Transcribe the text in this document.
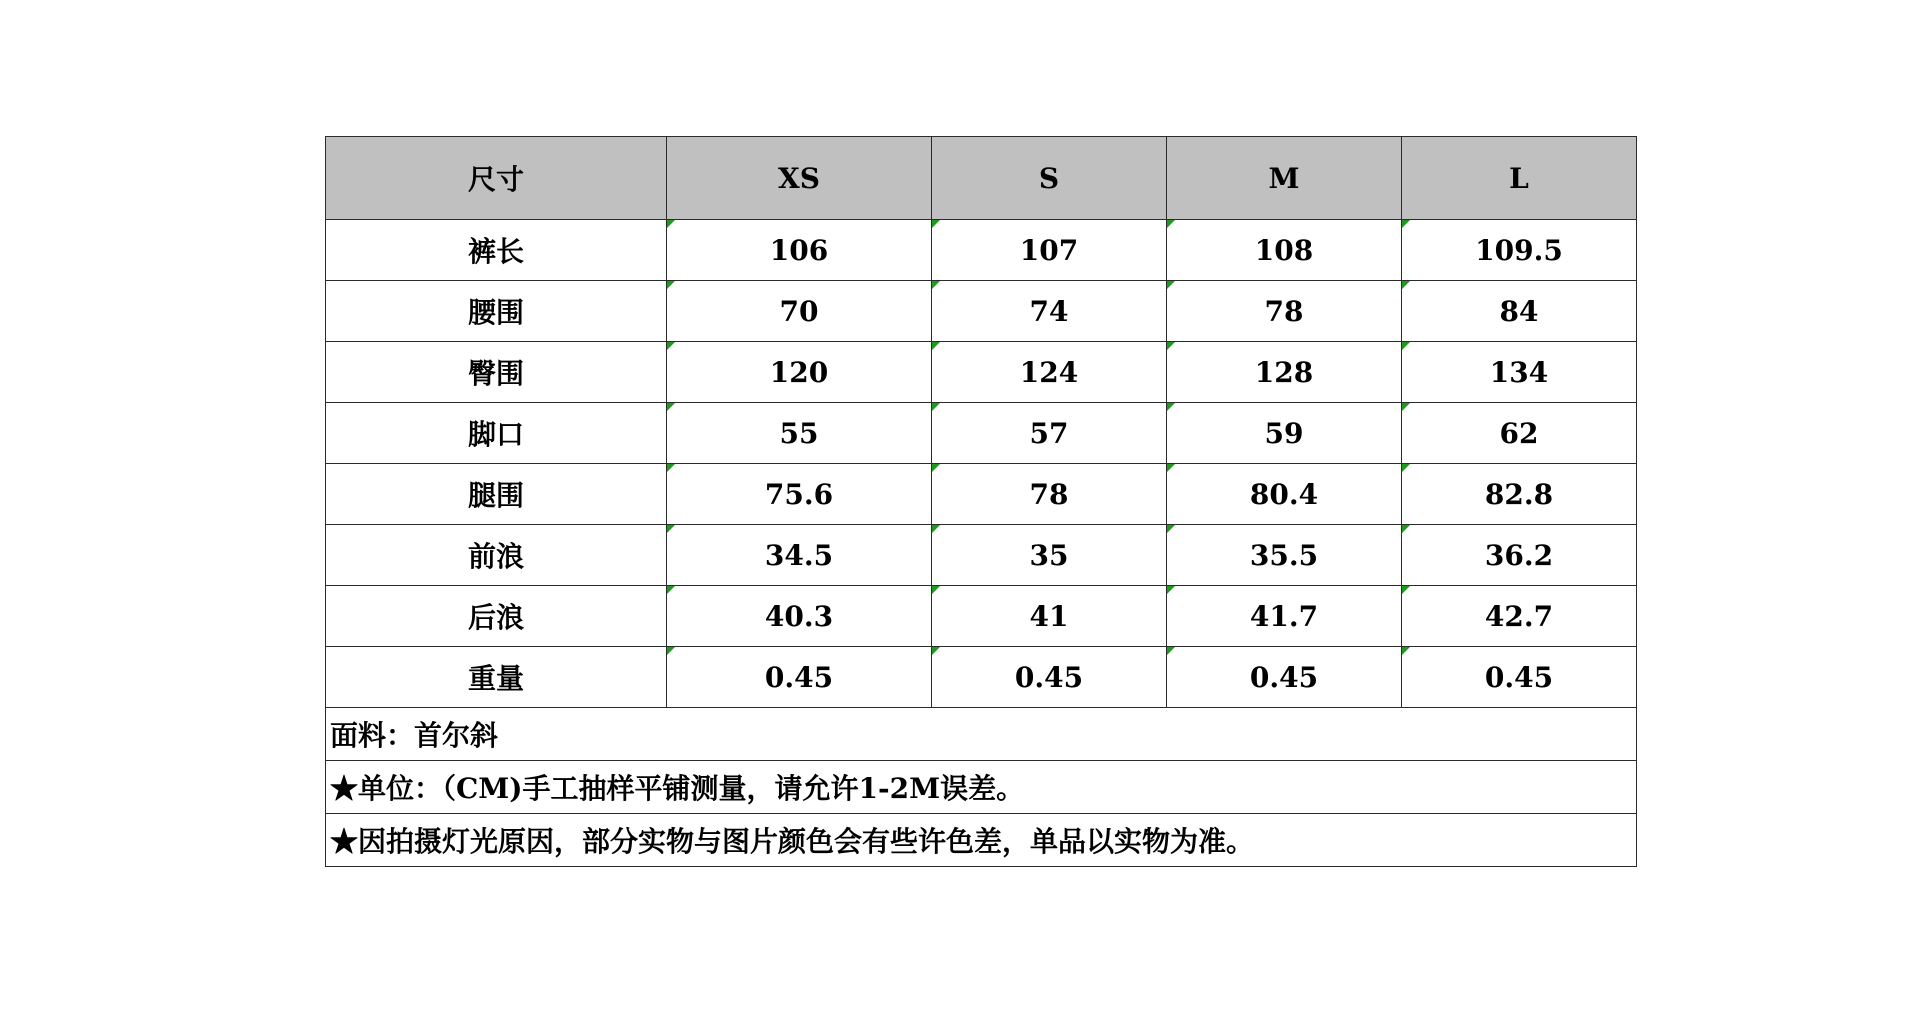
尺寸	XS	S	M	L
裤长	106	107	108	109.5
腰围	70	74	78	84
臀围	120	124	128	134
脚口	55	57	59	62
腿围	75.6	78	80.4	82.8
前浪	34.5	35	35.5	36.2
后浪	40.3	41	41.7	42.7
重量	0.45	0.45	0.45	0.45
面料：首尔斜				
★单位：（CM)手工抽样平铺测量，请允许1-2M误差。				
★因拍摄灯光原因，部分实物与图片颜色会有些许色差，单品以实物为准。				
